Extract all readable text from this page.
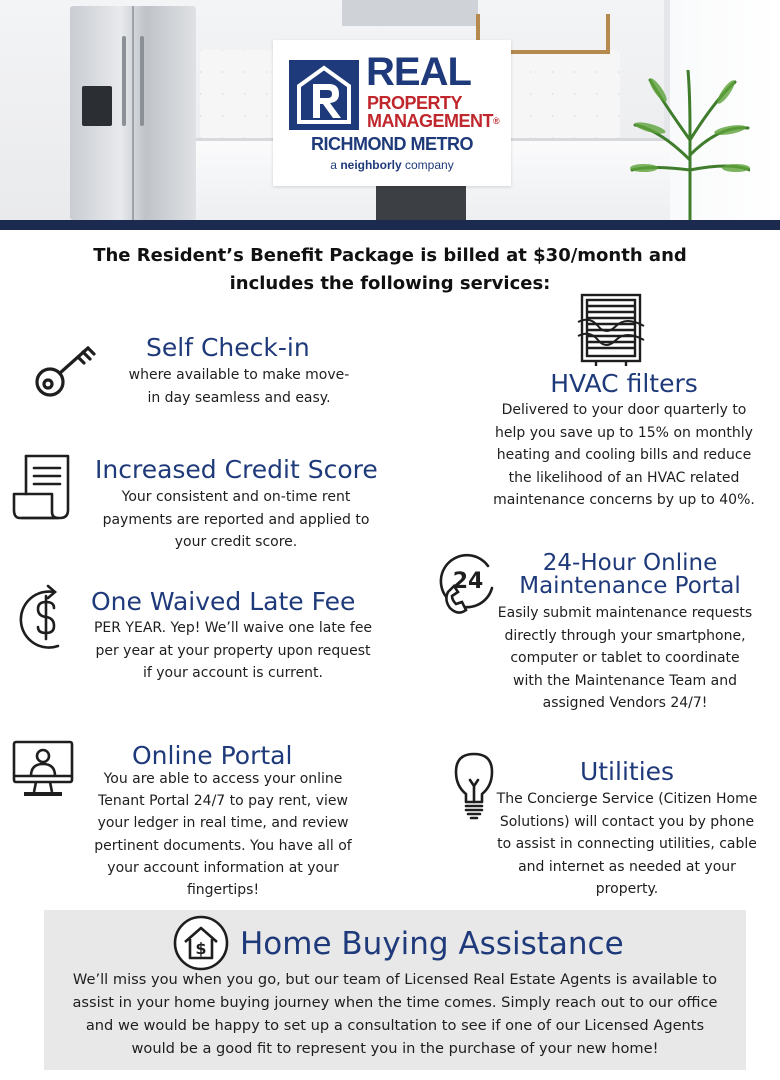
REAL
PROPERTY
MANAGEMENT®
RICHMOND METRO
a neighborly company
The Resident’s Benefit Package is billed at $30/month and
includes the following services:
Self Check-in
where available to make move-
in day seamless and easy.	HVAC filters
Delivered to your door quarterly to
help you save up to 15% on monthly
heating and cooling bills and reduce
the likelihood of an HVAC related
maintenance concerns by up to 40%.
Increased Credit Score
Your consistent and on-time rent
payments are reported and applied to
your credit score.
24
24-Hour Online
Maintenance Portal
Easily submit maintenance requests
directly through your smartphone,
computer or tablet to coordinate
with the Maintenance Team and
assigned Vendors 24/7!
One Waived Late Fee
PER YEAR. Yep! We’ll waive one late fee
per year at your property upon request
if your account is current.
Online Portal
You are able to access your online
Tenant Portal 24/7 to pay rent, view
your ledger in real time, and review
pertinent documents. You have all of
your account information at your
fingertips!
Utilities
The Concierge Service (Citizen Home
Solutions) will contact you by phone
to assist in connecting utilities, cable
and internet as needed at your
property.
$ Home Buying Assistance
We’ll miss you when you go, but our team of Licensed Real Estate Agents is available to
assist in your home buying journey when the time comes. Simply reach out to our office
and we would be happy to set up a consultation to see if one of our Licensed Agents
would be a good fit to represent you in the purchase of your new home!
